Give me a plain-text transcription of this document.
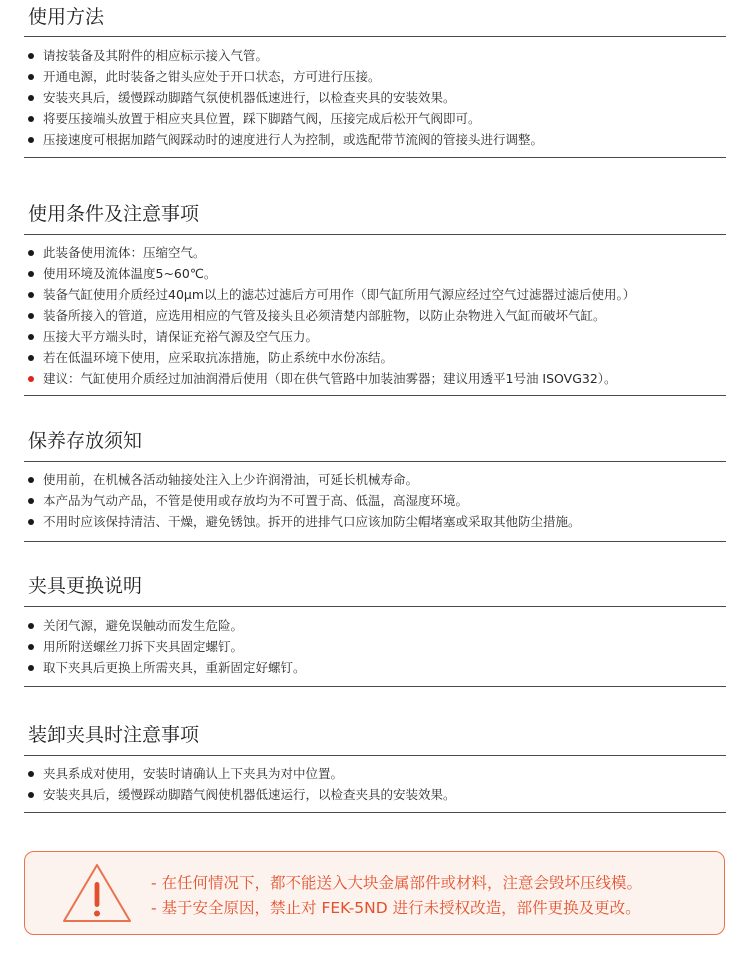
使用方法
请按装备及其附件的相应标示接入气管。
开通电源，此时装备之钳头应处于开口状态，方可进行压接。
安装夹具后，缓慢踩动脚踏气氛使机器低速进行，以检查夹具的安装效果。
将要压接端头放置于相应夹具位置，踩下脚踏气阀，压接完成后松开气阀即可。
压接速度可根据加踏气阀踩动时的速度进行人为控制，或选配带节流阀的管接头进行调整。
使用条件及注意事项
此装备使用流体：压缩空气。
使用环境及流体温度5~60℃。
装备气缸使用介质经过40μm以上的滤芯过滤后方可用作（即气缸所用气源应经过空气过滤器过滤后使用。）
装备所接入的管道，应选用相应的气管及接头且必须清楚内部脏物，以防止杂物进入气缸而破坏气缸。
压接大平方端头时，请保证充裕气源及空气压力。
若在低温环境下使用，应采取抗冻措施，防止系统中水份冻结。
建议：气缸使用介质经过加油润滑后使用（即在供气管路中加装油雾器；建议用透平1号油 ISOVG32）。
保养存放须知
使用前，在机械各活动轴接处注入上少许润滑油，可延长机械寿命。
本产品为气动产品，不管是使用或存放均为不可置于高、低温，高湿度环境。
不用时应该保持清洁、干燥，避免锈蚀。拆开的进排气口应该加防尘帽堵塞或采取其他防尘措施。
夹具更换说明
关闭气源，避免误触动而发生危险。
用所附送螺丝刀拆下夹具固定螺钉。
取下夹具后更换上所需夹具，重新固定好螺钉。
装卸夹具时注意事项
夹具系成对使用，安装时请确认上下夹具为对中位置。
安装夹具后，缓慢踩动脚踏气阀使机器低速运行，以检查夹具的安装效果。
- 在任何情况下，都不能送入大块金属部件或材料，注意会毁坏压线模。
- 基于安全原因，禁止对 FEK-5ND 进行未授权改造，部件更换及更改。
